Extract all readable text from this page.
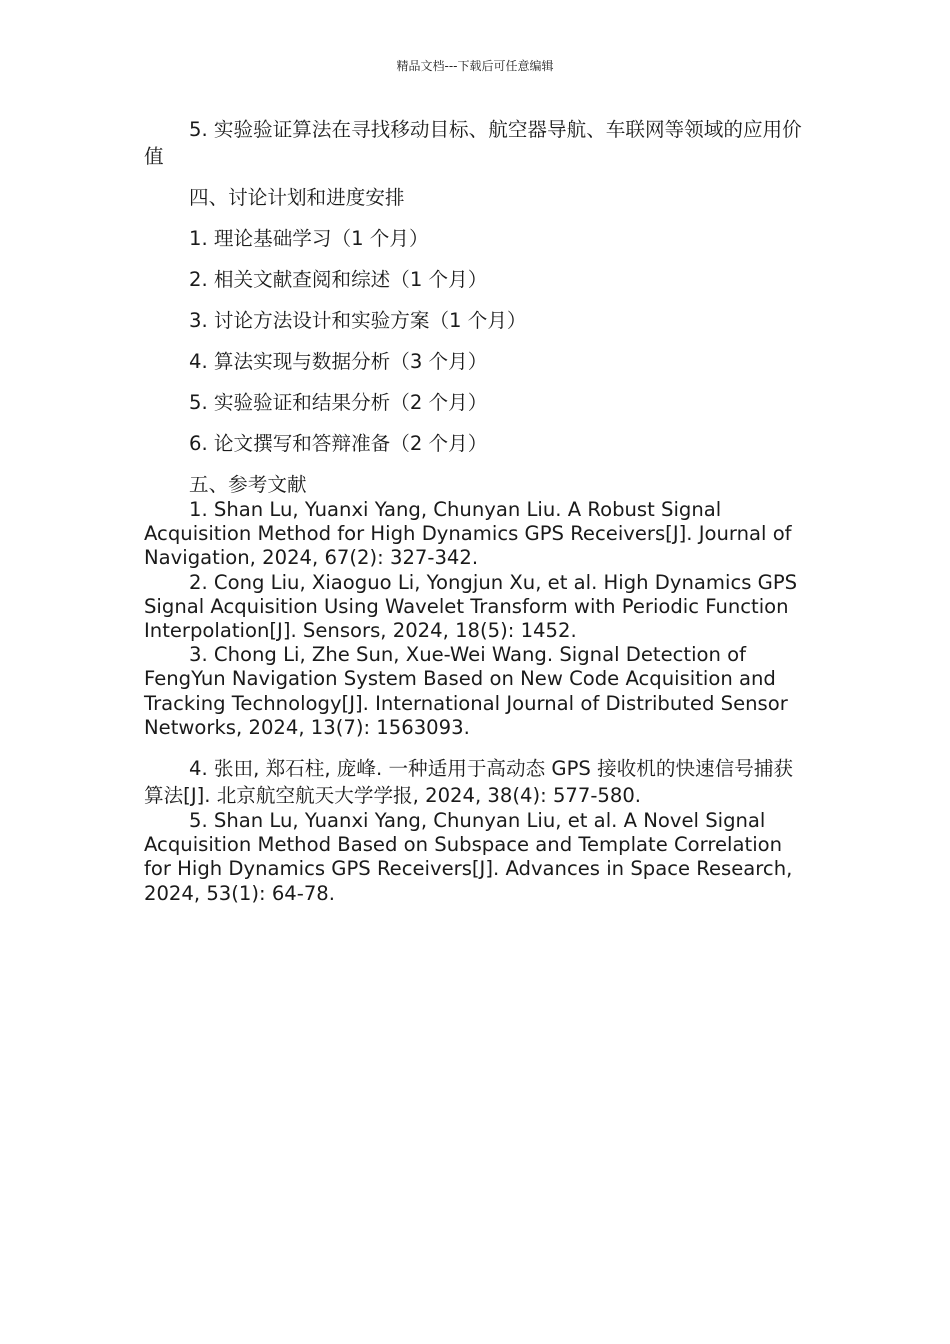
精品文档---下载后可任意编辑

5. 实验验证算法在寻找移动目标、航空器导航、车联网等领域的应用价值

四、讨论计划和进度安排

1. 理论基础学习（1 个月）

2. 相关文献查阅和综述（1 个月）

3. 讨论方法设计和实验方案（1 个月）

4. 算法实现与数据分析（3 个月）

5. 实验验证和结果分析（2 个月）

6. 论文撰写和答辩准备（2 个月）

五、参考文献

1. Shan Lu, Yuanxi Yang, Chunyan Liu. A Robust Signal Acquisition Method for High Dynamics GPS Receivers[J]. Journal of Navigation, 2024, 67(2): 327-342.

2. Cong Liu, Xiaoguo Li, Yongjun Xu, et al. High Dynamics GPS Signal Acquisition Using Wavelet Transform with Periodic Function Interpolation[J]. Sensors, 2024, 18(5): 1452.

3. Chong Li, Zhe Sun, Xue-Wei Wang. Signal Detection of FengYun Navigation System Based on New Code Acquisition and Tracking Technology[J]. International Journal of Distributed Sensor Networks, 2024, 13(7): 1563093.

4. 张田, 郑石柱, 庞峰. 一种适用于高动态 GPS 接收机的快速信号捕获算法[J]. 北京航空航天大学学报, 2024, 38(4): 577-580.

5. Shan Lu, Yuanxi Yang, Chunyan Liu, et al. A Novel Signal Acquisition Method Based on Subspace and Template Correlation for High Dynamics GPS Receivers[J]. Advances in Space Research, 2024, 53(1): 64-78.
